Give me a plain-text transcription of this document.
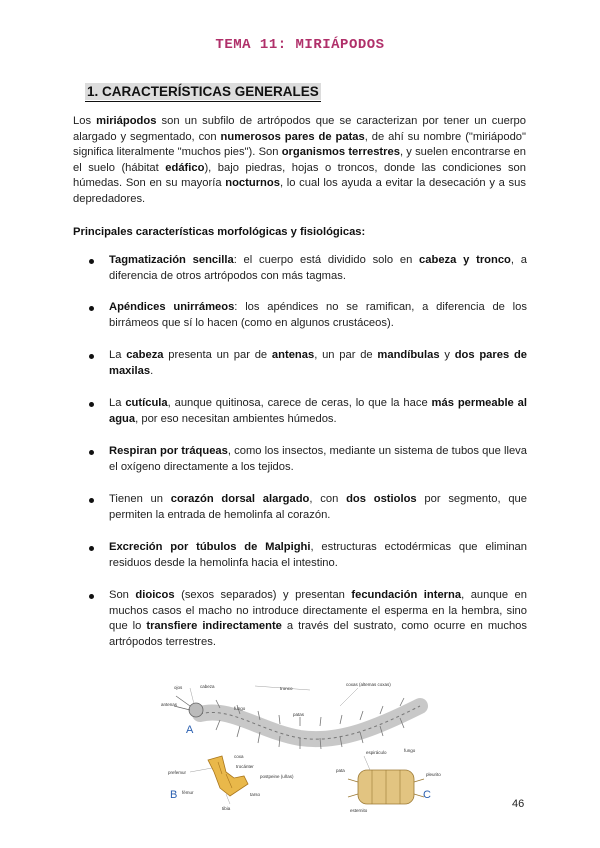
TEMA 11: MIRIÁPODOS
1. CARACTERÍSTICAS GENERALES
Los miriápodos son un subfilo de artrópodos que se caracterizan por tener un cuerpo alargado y segmentado, con numerosos pares de patas, de ahí su nombre ("miriápodo" significa literalmente "muchos pies"). Son organismos terrestres, y suelen encontrarse en el suelo (hábitat edáfico), bajo piedras, hojas o troncos, donde las condiciones son húmedas. Son en su mayoría nocturnos, lo cual los ayuda a evitar la desecación y a sus depredadores.
Principales características morfológicas y fisiológicas:
Tagmatización sencilla: el cuerpo está dividido solo en cabeza y tronco, a diferencia de otros artrópodos con más tagmas.
Apéndices unirrámeos: los apéndices no se ramifican, a diferencia de los birrámeos que sí lo hacen (como en algunos crustáceos).
La cabeza presenta un par de antenas, un par de mandíbulas y dos pares de maxilas.
La cutícula, aunque quitinosa, carece de ceras, lo que la hace más permeable al agua, por eso necesitan ambientes húmedos.
Respiran por tráqueas, como los insectos, mediante un sistema de tubos que lleva el oxígeno directamente a los tejidos.
Tienen un corazón dorsal alargado, con dos ostiolos por segmento, que permiten la entrada de hemolinfa al corazón.
Excreción por túbulos de Malpighi, estructuras ectodérmicas que eliminan residuos desde la hemolinfa hacia el intestino.
Son dioicos (sexos separados) y presentan fecundación interna, aunque en muchos casos el macho no introduce directamente el esperma en la hembra, sino que lo transfiere indirectamente a través del sustrato, como ocurre en muchos artrópodos terrestres.
A
B	C
ojos	cabeza
antenas
tronco
coxas (altemas coxas)
fungo
patas
coxa
prefemur
trocánter
postpeine (uñas)
fémur	tarso
tibia
espiráculo	fungo
pata
pleurito
esternito
46
